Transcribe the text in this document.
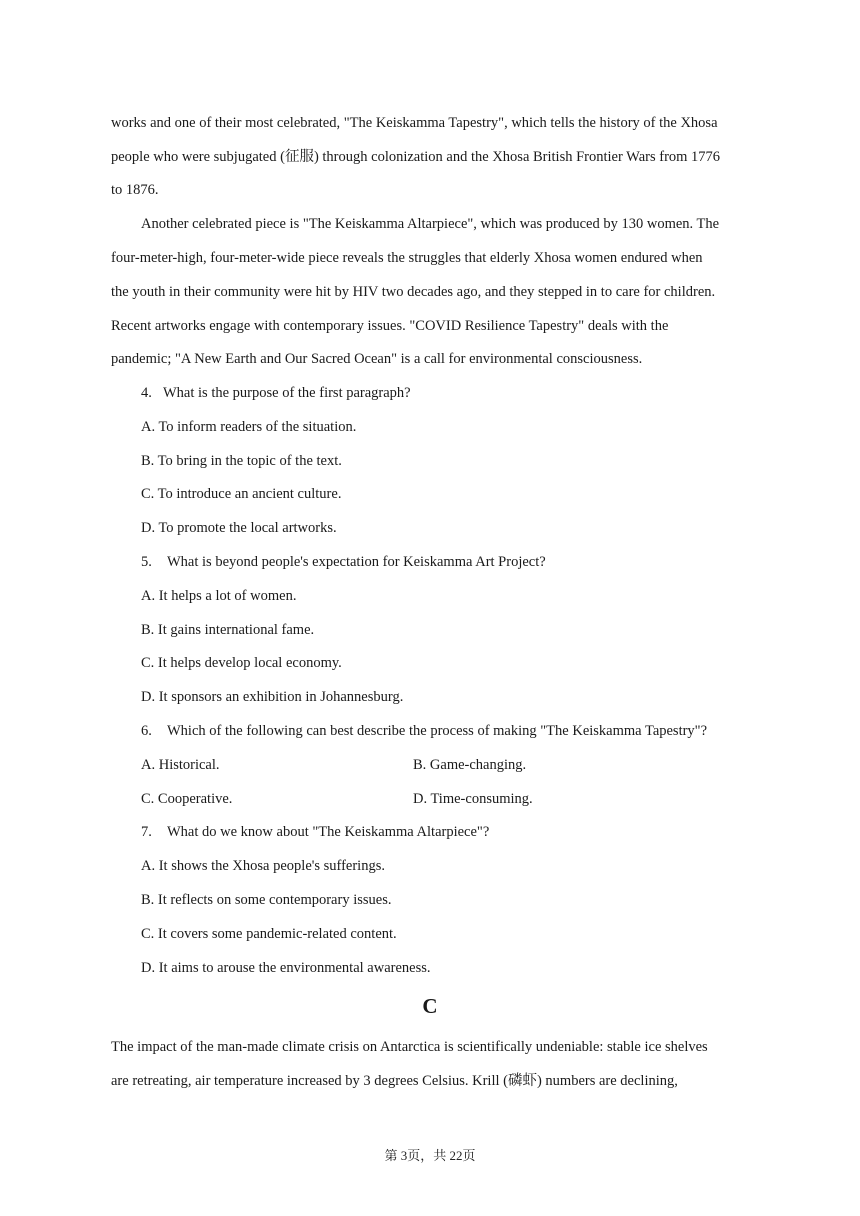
works and one of their most celebrated, "The Keiskamma Tapestry", which tells the history of the Xhosa
people who were subjugated (征服) through colonization and the Xhosa British Frontier Wars from 1776
to 1876.
Another celebrated piece is "The Keiskamma Altarpiece", which was produced by 130 women. The
four-meter-high, four-meter-wide piece reveals the struggles that elderly Xhosa women endured when
the youth in their community were hit by HIV two decades ago, and they stepped in to care for children.
Recent artworks engage with contemporary issues. "COVID Resilience Tapestry" deals with the
pandemic; "A New Earth and Our Sacred Ocean" is a call for environmental consciousness.
4. What is the purpose of the first paragraph?
A. To inform readers of the situation.
B. To bring in the topic of the text.
C. To introduce an ancient culture.
D. To promote the local artworks.
5. What is beyond people's expectation for Keiskamma Art Project?
A. It helps a lot of women.
B. It gains international fame.
C. It helps develop local economy.
D. It sponsors an exhibition in Johannesburg.
6. Which of the following can best describe the process of making "The Keiskamma Tapestry"?
A. Historical.	B. Game-changing.
C. Cooperative.	D. Time-consuming.
7. What do we know about "The Keiskamma Altarpiece"?
A. It shows the Xhosa people's sufferings.
B. It reflects on some contemporary issues.
C. It covers some pandemic-related content.
D. It aims to arouse the environmental awareness.
C
The impact of the man-made climate crisis on Antarctica is scientifically undeniable: stable ice shelves
are retreating, air temperature increased by 3 degrees Celsius. Krill (磷虾) numbers are declining,
第 3页，共 22页
